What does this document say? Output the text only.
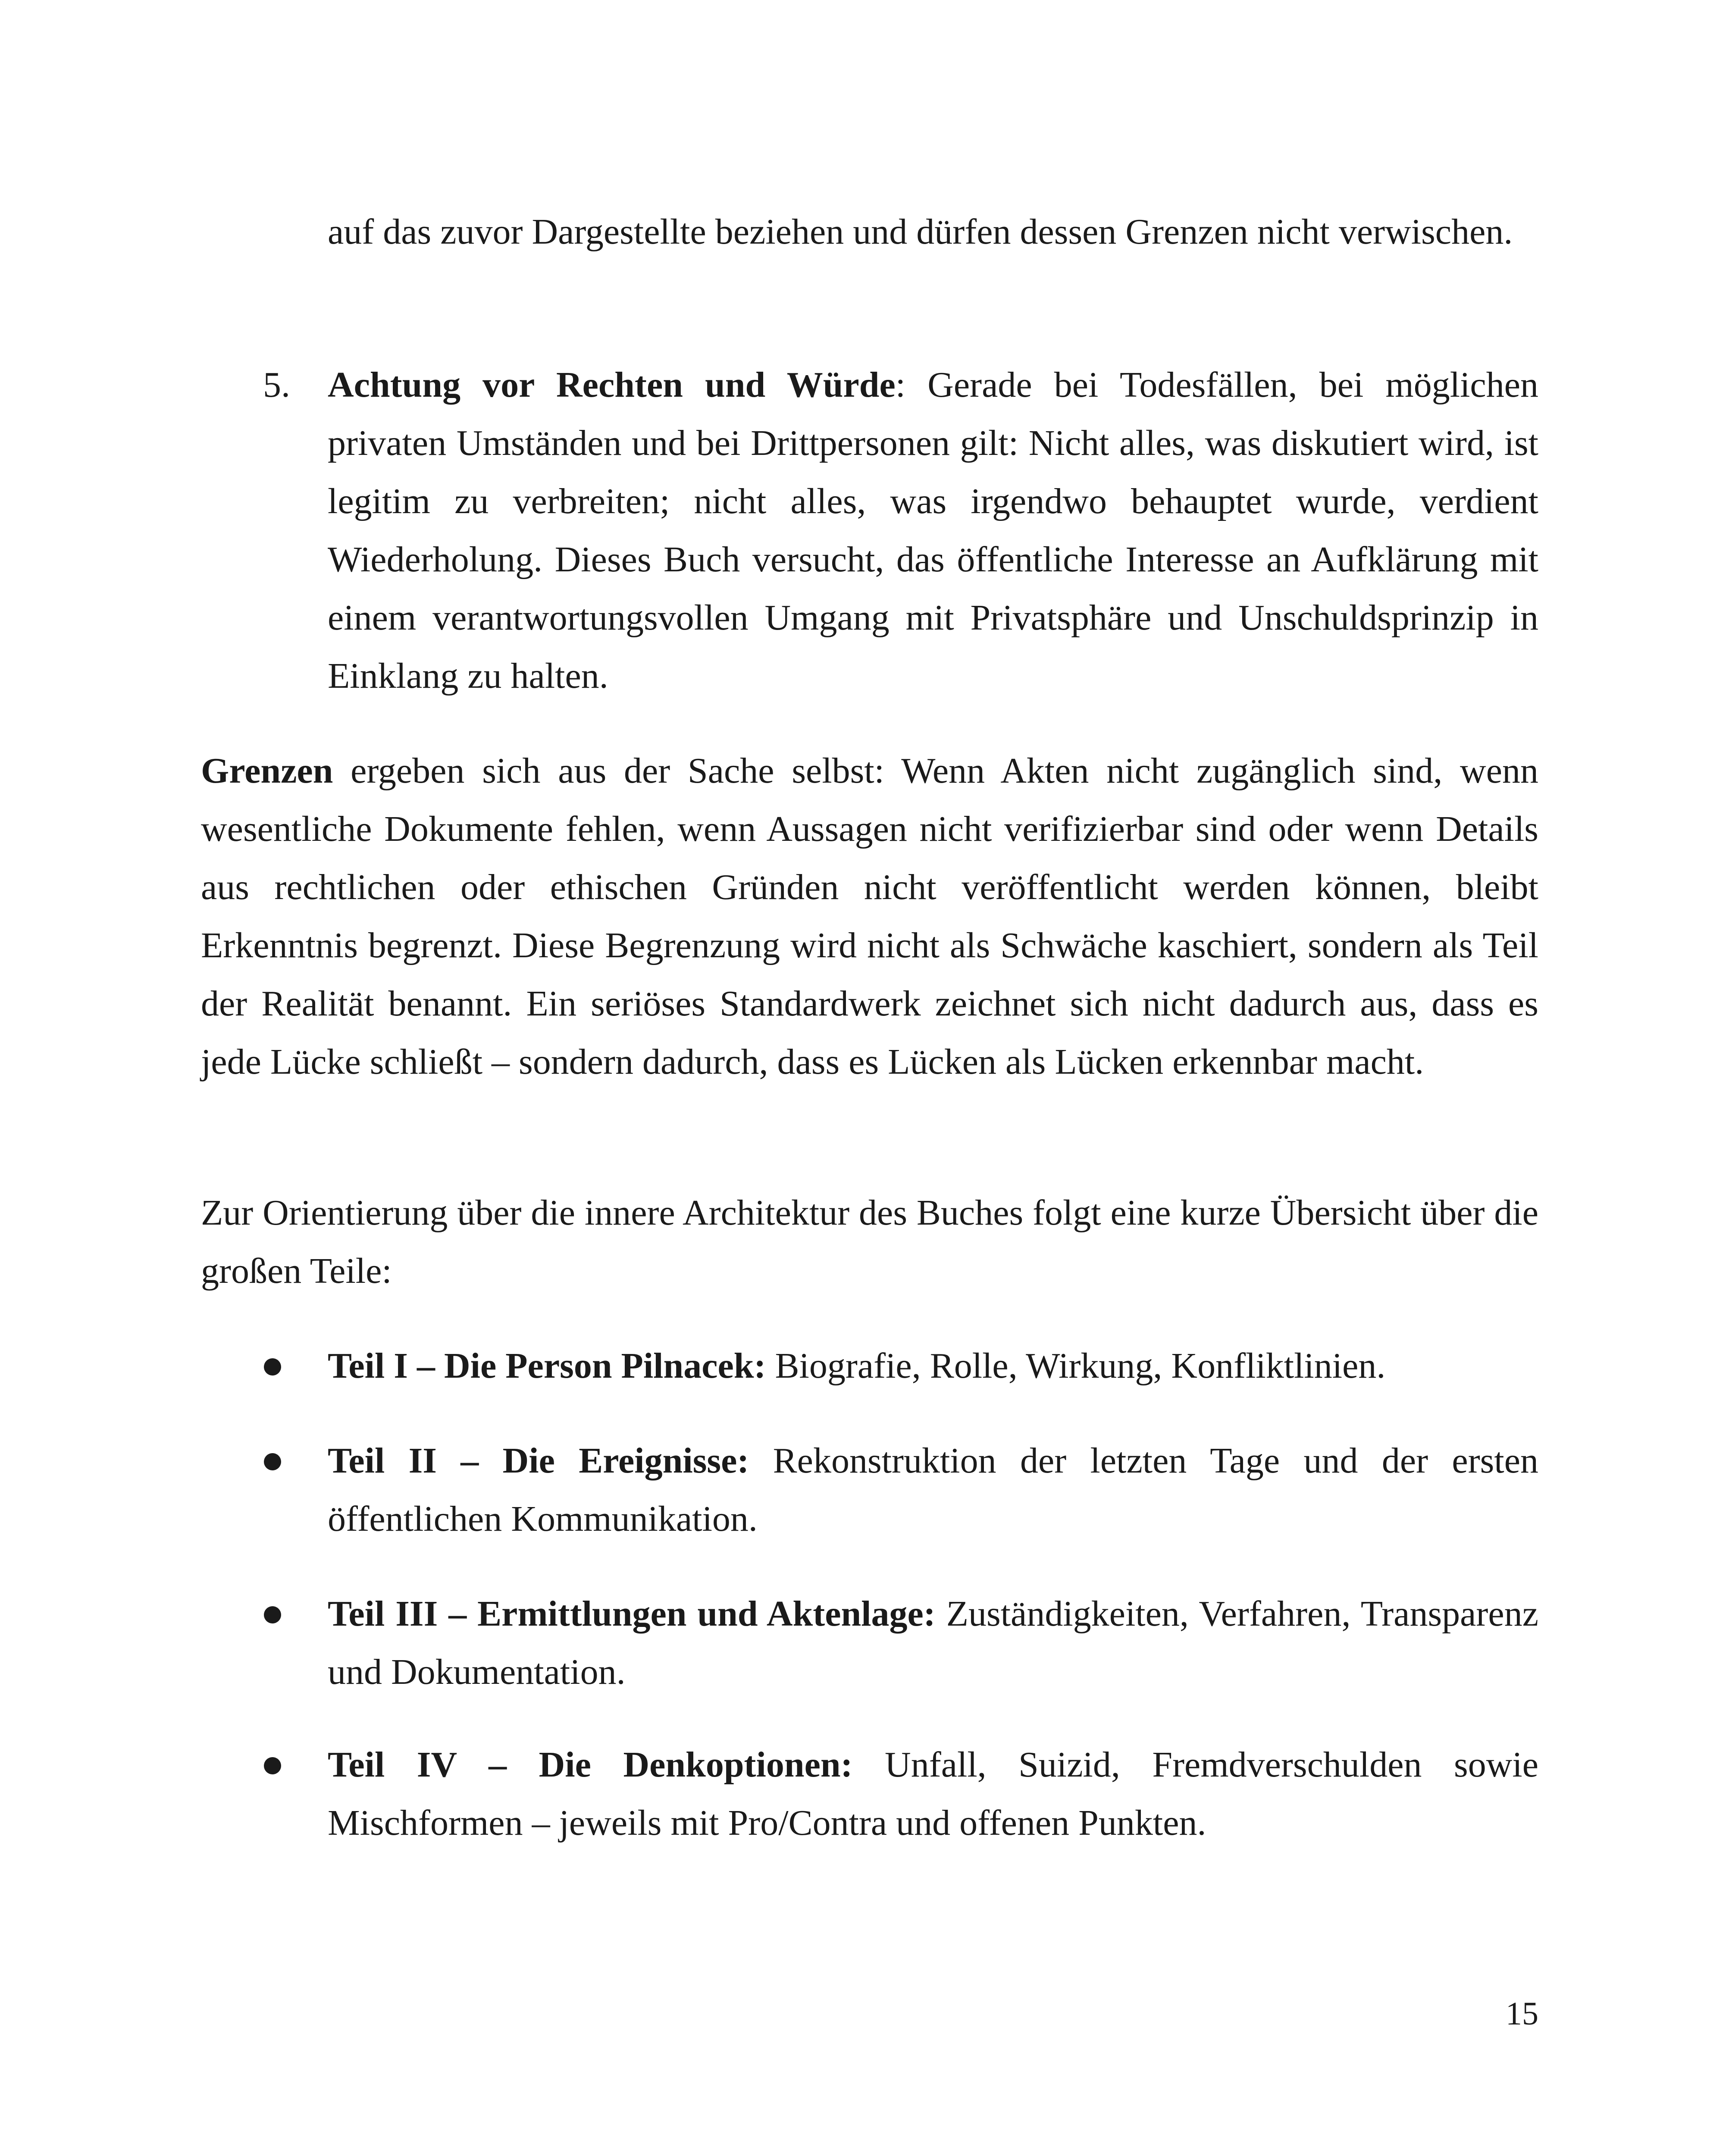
auf das zuvor Dargestellte beziehen und dürfen dessen Grenzen nicht verwischen.

5. Achtung vor Rechten und Würde: Gerade bei Todesfällen, bei möglichen privaten Umständen und bei Drittpersonen gilt: Nicht alles, was diskutiert wird, ist legitim zu verbreiten; nicht alles, was irgendwo behauptet wurde, verdient Wiederholung. Dieses Buch versucht, das öffentliche Interesse an Aufklärung mit einem verantwortungsvollen Umgang mit Privatsphäre und Unschuldsprinzip in Einklang zu halten.

Grenzen ergeben sich aus der Sache selbst: Wenn Akten nicht zugänglich sind, wenn wesentliche Dokumente fehlen, wenn Aussagen nicht verifizierbar sind oder wenn Details aus rechtlichen oder ethischen Gründen nicht veröffentlicht werden können, bleibt Erkenntnis begrenzt. Diese Begrenzung wird nicht als Schwäche kaschiert, sondern als Teil der Realität benannt. Ein seriöses Standardwerk zeichnet sich nicht dadurch aus, dass es jede Lücke schließt – sondern dadurch, dass es Lücken als Lücken erkennbar macht.

Zur Orientierung über die innere Architektur des Buches folgt eine kurze Übersicht über die großen Teile:

Teil I – Die Person Pilnacek: Biografie, Rolle, Wirkung, Konfliktlinien.

Teil II – Die Ereignisse: Rekonstruktion der letzten Tage und der ersten öffentlichen Kommunikation.

Teil III – Ermittlungen und Aktenlage: Zuständigkeiten, Verfahren, Transparenz und Dokumentation.

Teil IV – Die Denkoptionen: Unfall, Suizid, Fremdverschulden sowie Mischformen – jeweils mit Pro/Contra und offenen Punkten.

15
